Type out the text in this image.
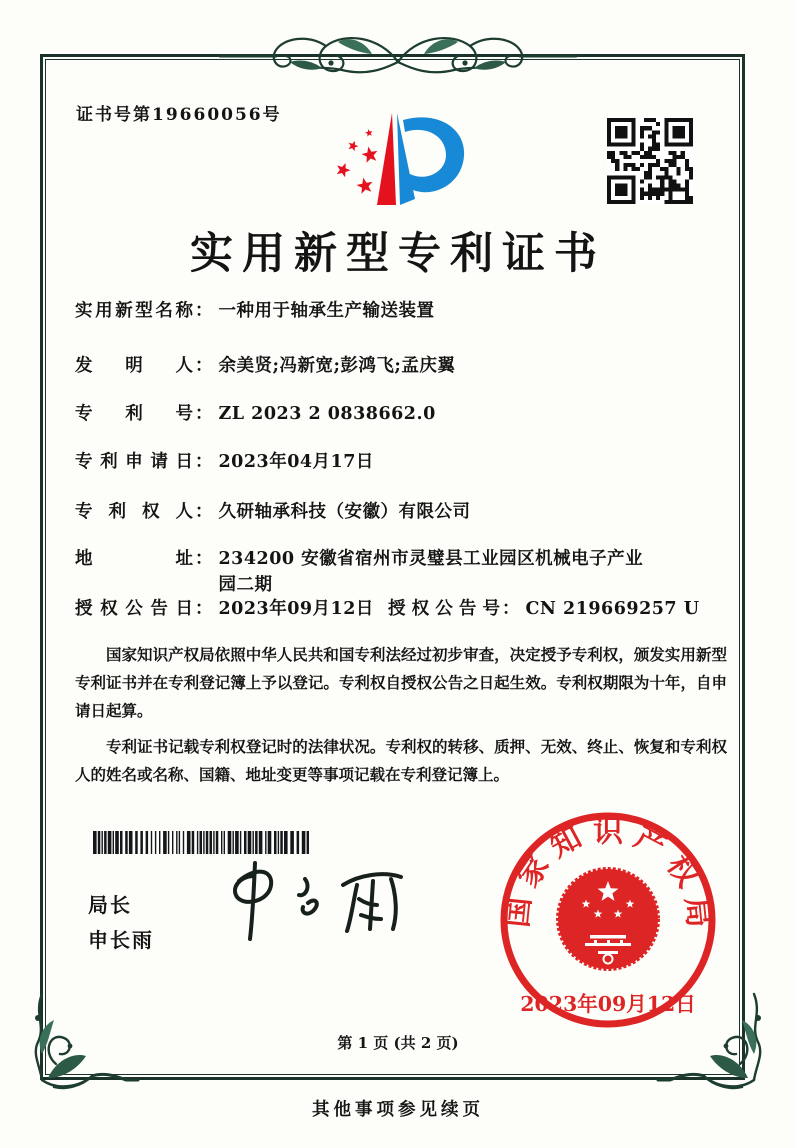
证书号第19660056号
实用新型专利证书
实用新型名称 ： 一种用于轴承生产输送装置
发明人 ： 余美贤;冯新宽;彭鸿飞;孟庆翼
专利号 ： ZL 2023 2 0838662.0
专利申请日 ： 2023年04月17日
专利权人 ： 久研轴承科技（安徽）有限公司
地址 ： 234200 安徽省宿州市灵璧县工业园区机械电子产业园二期
授权公告日 ： 2023年09月12日 授权公告号 ： CN 219669257 U

国家知识产权局依照中华人民共和国专利法经过初步审查，决定授予专利权，颁发实用新型专利证书并在专利登记簿上予以登记。专利权自授权公告之日起生效。专利权期限为十年，自申请日起算。

专利证书记载专利权登记时的法律状况。专利权的转移、质押、无效、终止、恢复和专利权人的姓名或名称、国籍、地址变更等事项记载在专利登记簿上。

局长
申长雨
国家知识产权局
2023年09月12日
第 1 页 (共 2 页)
其他事项参见续页
